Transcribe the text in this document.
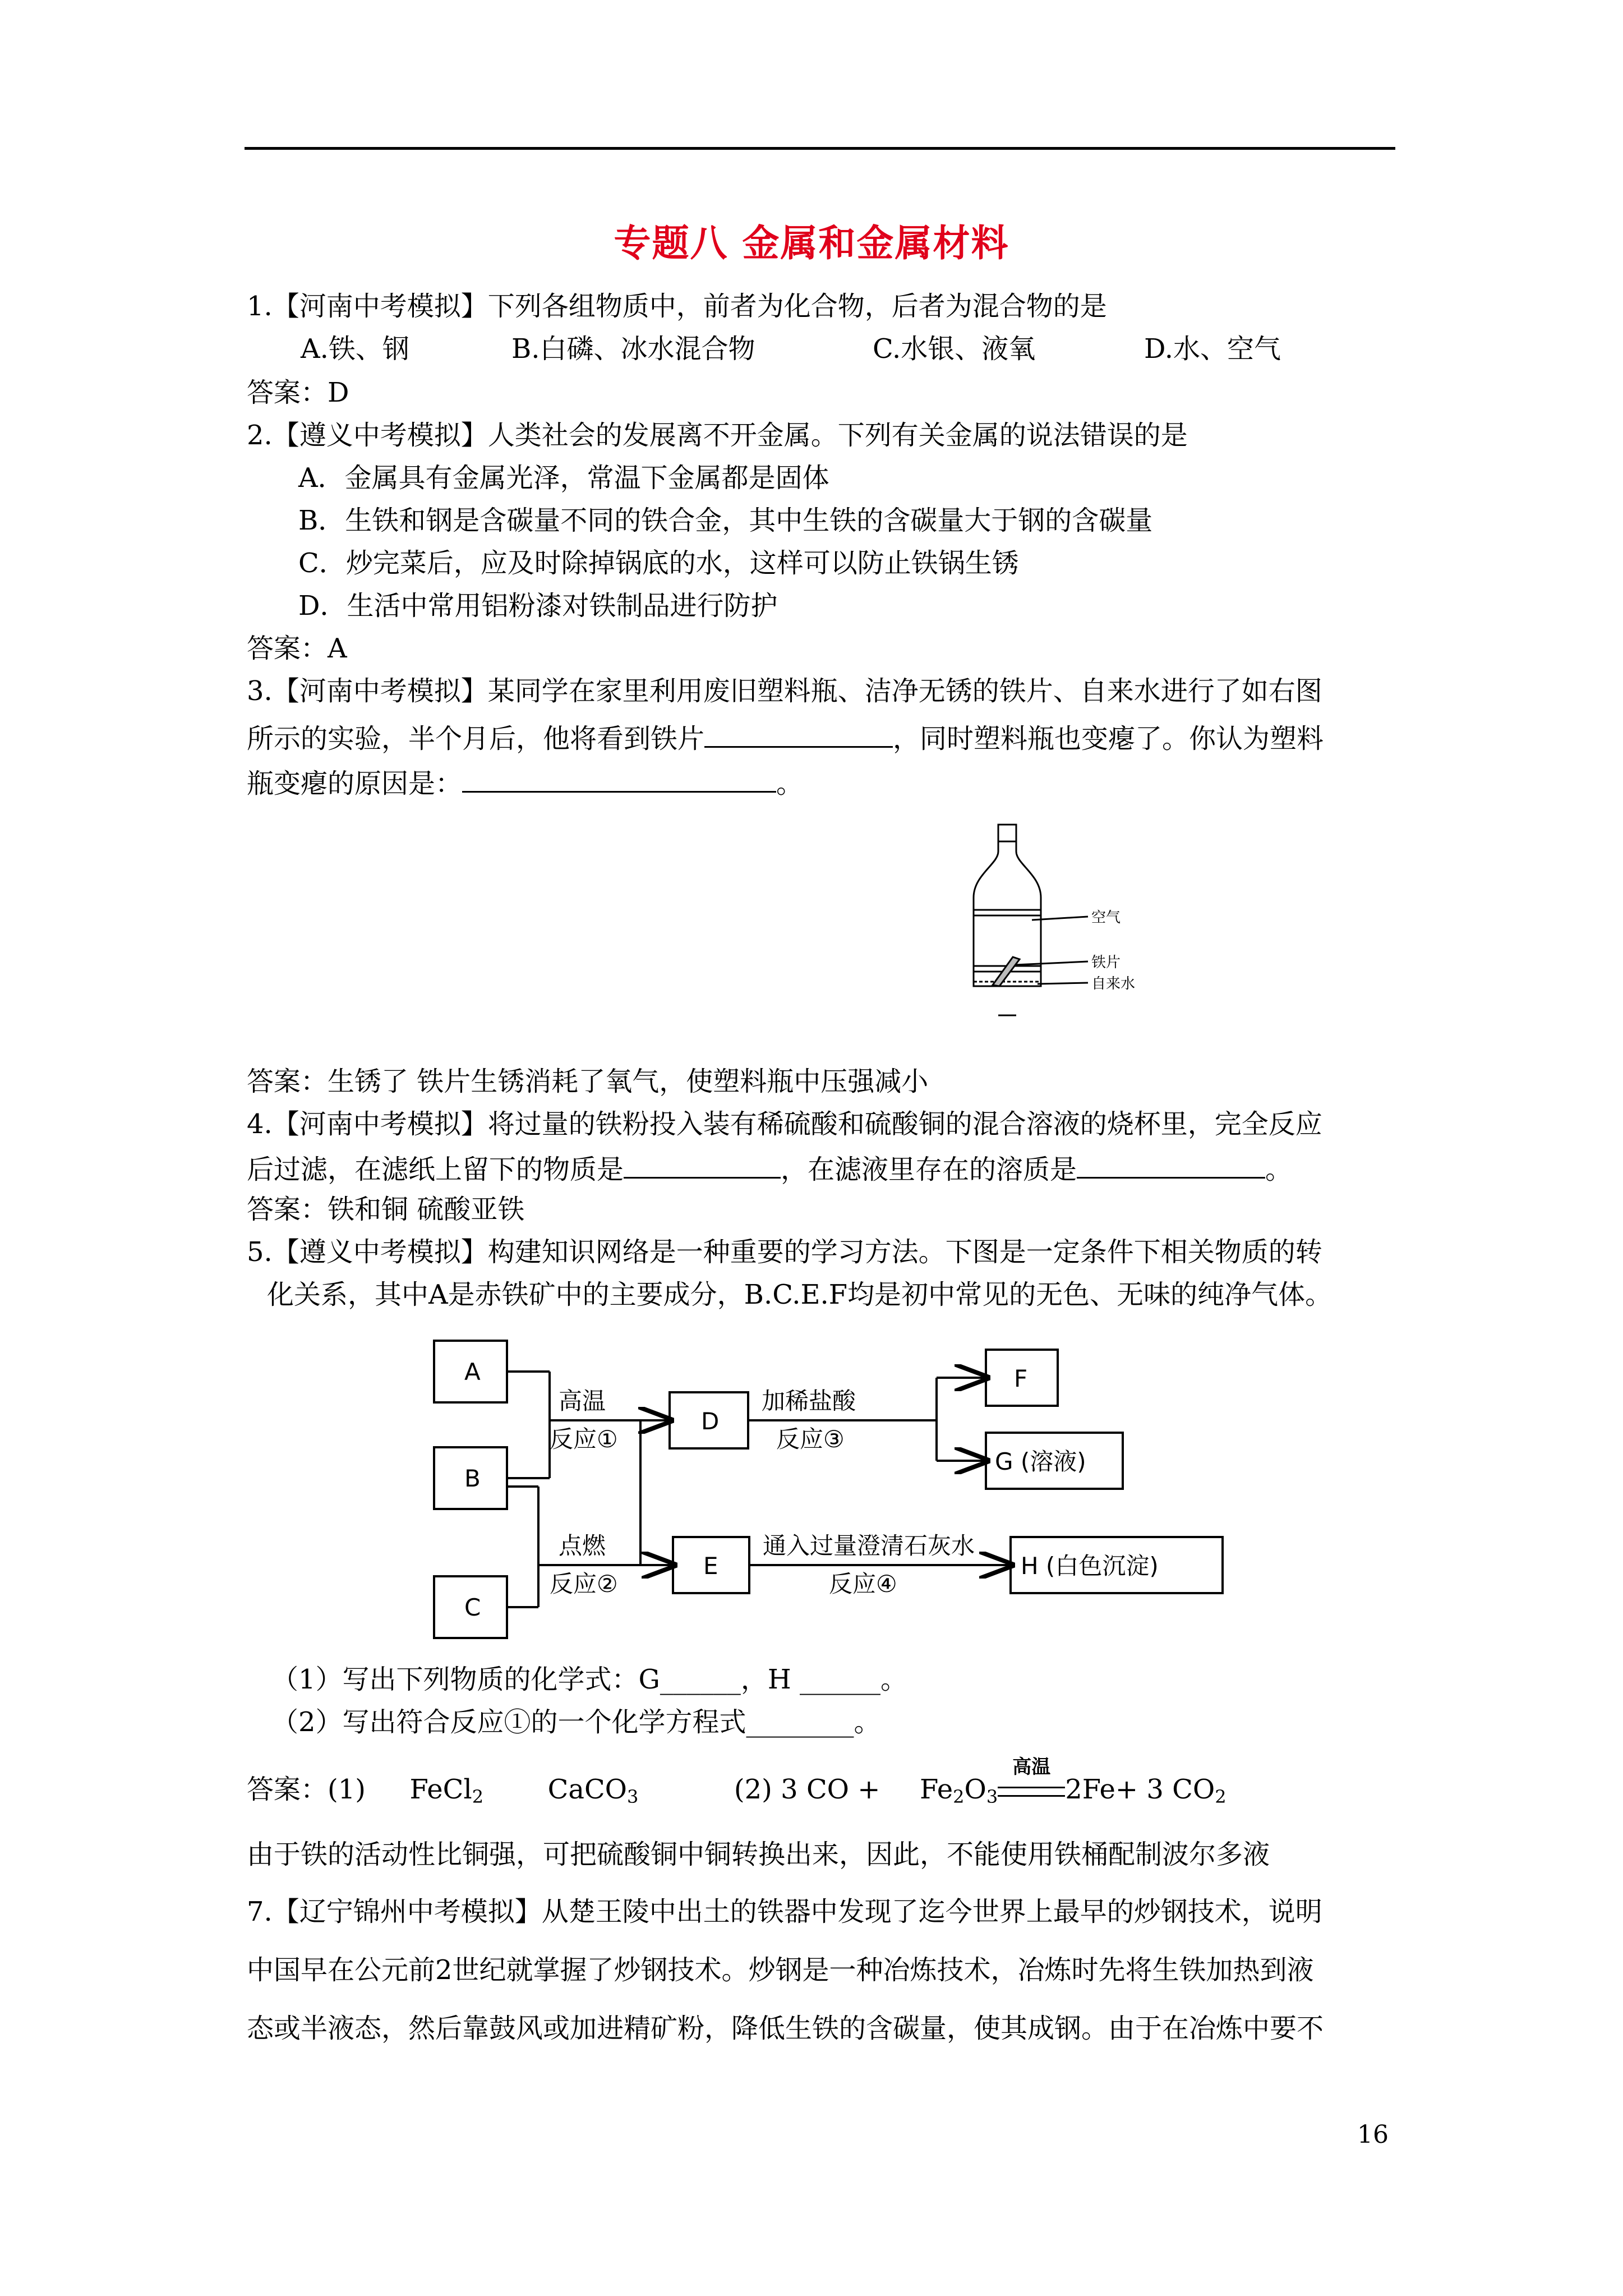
专题八 金属和金属材料
1.【河南中考模拟】下列各组物质中，前者为化合物，后者为混合物的是
A.铁、钢	B.白磷、冰水混合物	C.水银、液氧	D.水、空气
答案：D
2.【遵义中考模拟】人类社会的发展离不开金属。下列有关金属的说法错误的是
A．金属具有金属光泽，常温下金属都是固体
B．生铁和钢是含碳量不同的铁合金，其中生铁的含碳量大于钢的含碳量
C．炒完菜后，应及时除掉锅底的水，这样可以防止铁锅生锈
D．生活中常用铝粉漆对铁制品进行防护
答案：A
3.【河南中考模拟】某同学在家里利用废旧塑料瓶、洁净无锈的铁片、自来水进行了如右图
所示的实验，半个月后，他将看到铁片	，同时塑料瓶也变瘪了。你认为塑料
瓶变瘪的原因是：	。
空气
铁片
自来水
答案：生锈了 铁片生锈消耗了氧气，使塑料瓶中压强减小
4.【河南中考模拟】将过量的铁粉投入装有稀硫酸和硫酸铜的混合溶液的烧杯里，完全反应
后过滤，在滤纸上留下的物质是	，在滤液里存在的溶质是	。
答案：铁和铜 硫酸亚铁
5.【遵义中考模拟】构建知识网络是一种重要的学习方法。下图是一定条件下相关物质的转
化关系，其中A是赤铁矿中的主要成分，B.C.E.F均是初中常见的无色、无味的纯净气体。
A
B
C
D
E
F
G (溶液)
H (白色沉淀)
高温
反应①
点燃
反应②
加稀盐酸
反应③
通入过量澄清石灰水
反应④
（1）写出下列物质的化学式：G______，H ______。
（2）写出符合反应①的一个化学方程式________。
答案：(1) FeCl$_2$ CaCO$_3$	(2) 3 CO + $Fe_2O_3$
高温
2Fe+ 3 $CO_2$
由于铁的活动性比铜强，可把硫酸铜中铜转换出来，因此，不能使用铁桶配制波尔多液
7.【辽宁锦州中考模拟】从楚王陵中出土的铁器中发现了迄今世界上最早的炒钢技术，说明
中国早在公元前2世纪就掌握了炒钢技术。炒钢是一种冶炼技术，冶炼时先将生铁加热到液
态或半液态，然后靠鼓风或加进精矿粉，降低生铁的含碳量，使其成钢。由于在冶炼中要不
16
